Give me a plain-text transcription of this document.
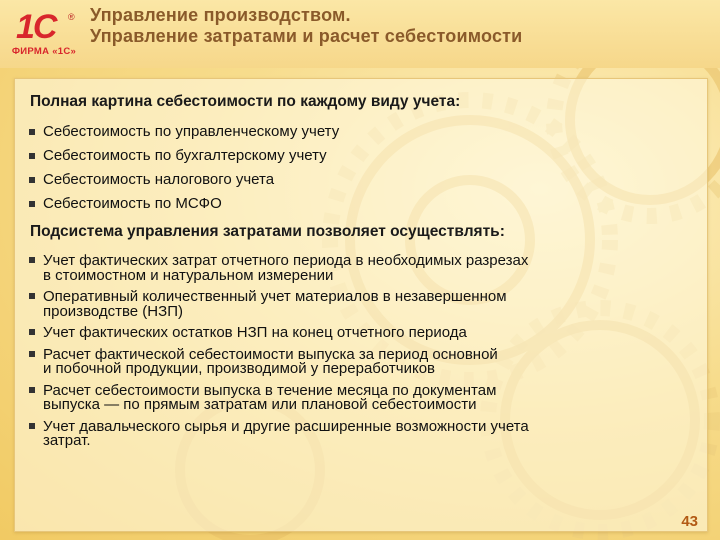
1С ®
ФИРМА «1С»
Управление производством.
Управление затратами и расчет себестоимости
Полная картина себестоимости по каждому виду учета:
Себестоимость по управленческому учету
Себестоимость по бухгалтерскому учету
Себестоимость налогового учета
Себестоимость по МСФО
Подсистема управления затратами позволяет осуществлять:
Учет фактических затрат отчетного периода в необходимых разрезах
в стоимостном и натуральном измерении
Оперативный количественный учет материалов в незавершенном
производстве (НЗП)
Учет фактических остатков НЗП на конец отчетного периода
Расчет фактической себестоимости выпуска за период основной
и побочной продукции, производимой у переработчиков
Расчет себестоимости выпуска в течение месяца по документам
выпуска — по прямым затратам или плановой себестоимости
Учет давальческого сырья и другие расширенные возможности учета
затрат.
43
